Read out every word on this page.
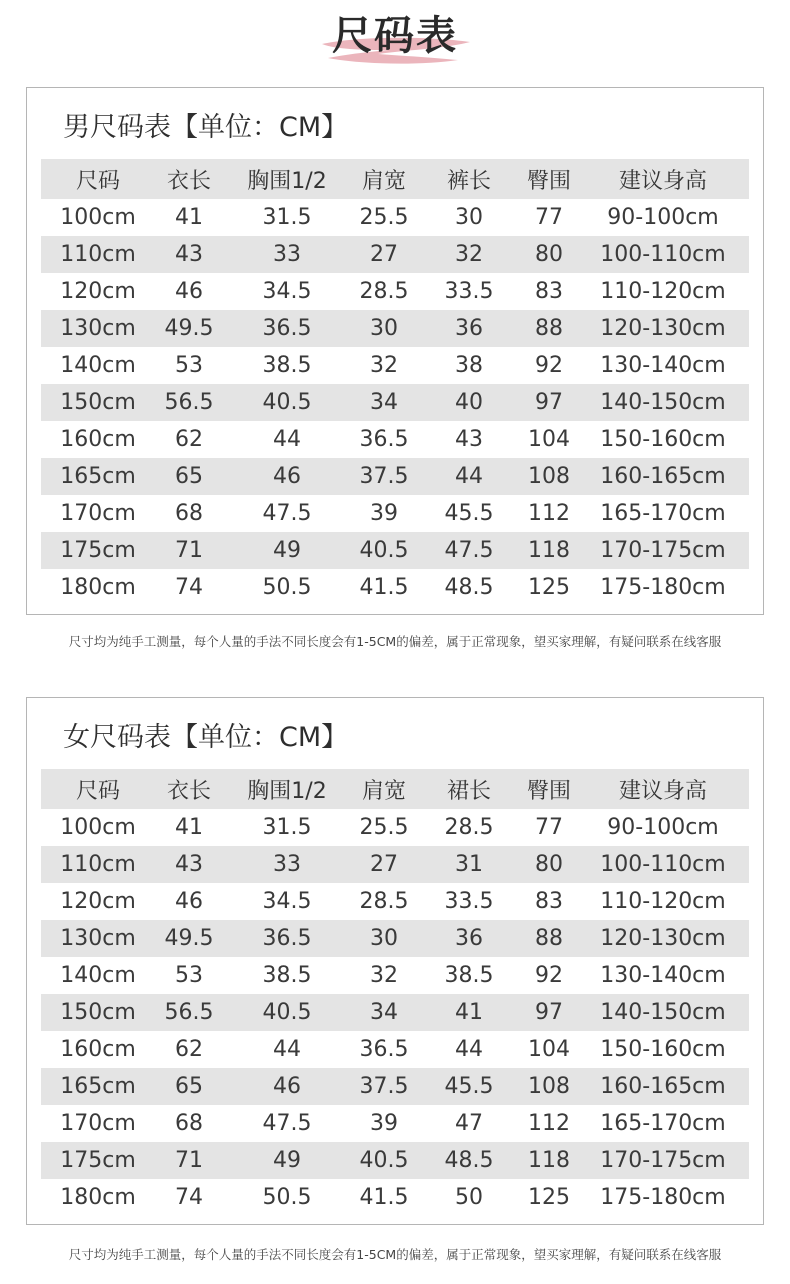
尺码表
男尺码表【单位：CM】
尺码	衣长	胸围1/2	肩宽	裤长	臀围	建议身高
100cm	41	31.5	25.5	30	77	90-100cm
110cm	43	33	27	32	80	100-110cm
120cm	46	34.5	28.5	33.5	83	110-120cm
130cm	49.5	36.5	30	36	88	120-130cm
140cm	53	38.5	32	38	92	130-140cm
150cm	56.5	40.5	34	40	97	140-150cm
160cm	62	44	36.5	43	104	150-160cm
165cm	65	46	37.5	44	108	160-165cm
170cm	68	47.5	39	45.5	112	165-170cm
175cm	71	49	40.5	47.5	118	170-175cm
180cm	74	50.5	41.5	48.5	125	175-180cm
尺寸均为纯手工测量，每个人量的手法不同长度会有1-5CM的偏差，属于正常现象，望买家理解，有疑问联系在线客服
女尺码表【单位：CM】
尺码	衣长	胸围1/2	肩宽	裙长	臀围	建议身高
100cm	41	31.5	25.5	28.5	77	90-100cm
110cm	43	33	27	31	80	100-110cm
120cm	46	34.5	28.5	33.5	83	110-120cm
130cm	49.5	36.5	30	36	88	120-130cm
140cm	53	38.5	32	38.5	92	130-140cm
150cm	56.5	40.5	34	41	97	140-150cm
160cm	62	44	36.5	44	104	150-160cm
165cm	65	46	37.5	45.5	108	160-165cm
170cm	68	47.5	39	47	112	165-170cm
175cm	71	49	40.5	48.5	118	170-175cm
180cm	74	50.5	41.5	50	125	175-180cm
尺寸均为纯手工测量，每个人量的手法不同长度会有1-5CM的偏差，属于正常现象，望买家理解，有疑问联系在线客服
